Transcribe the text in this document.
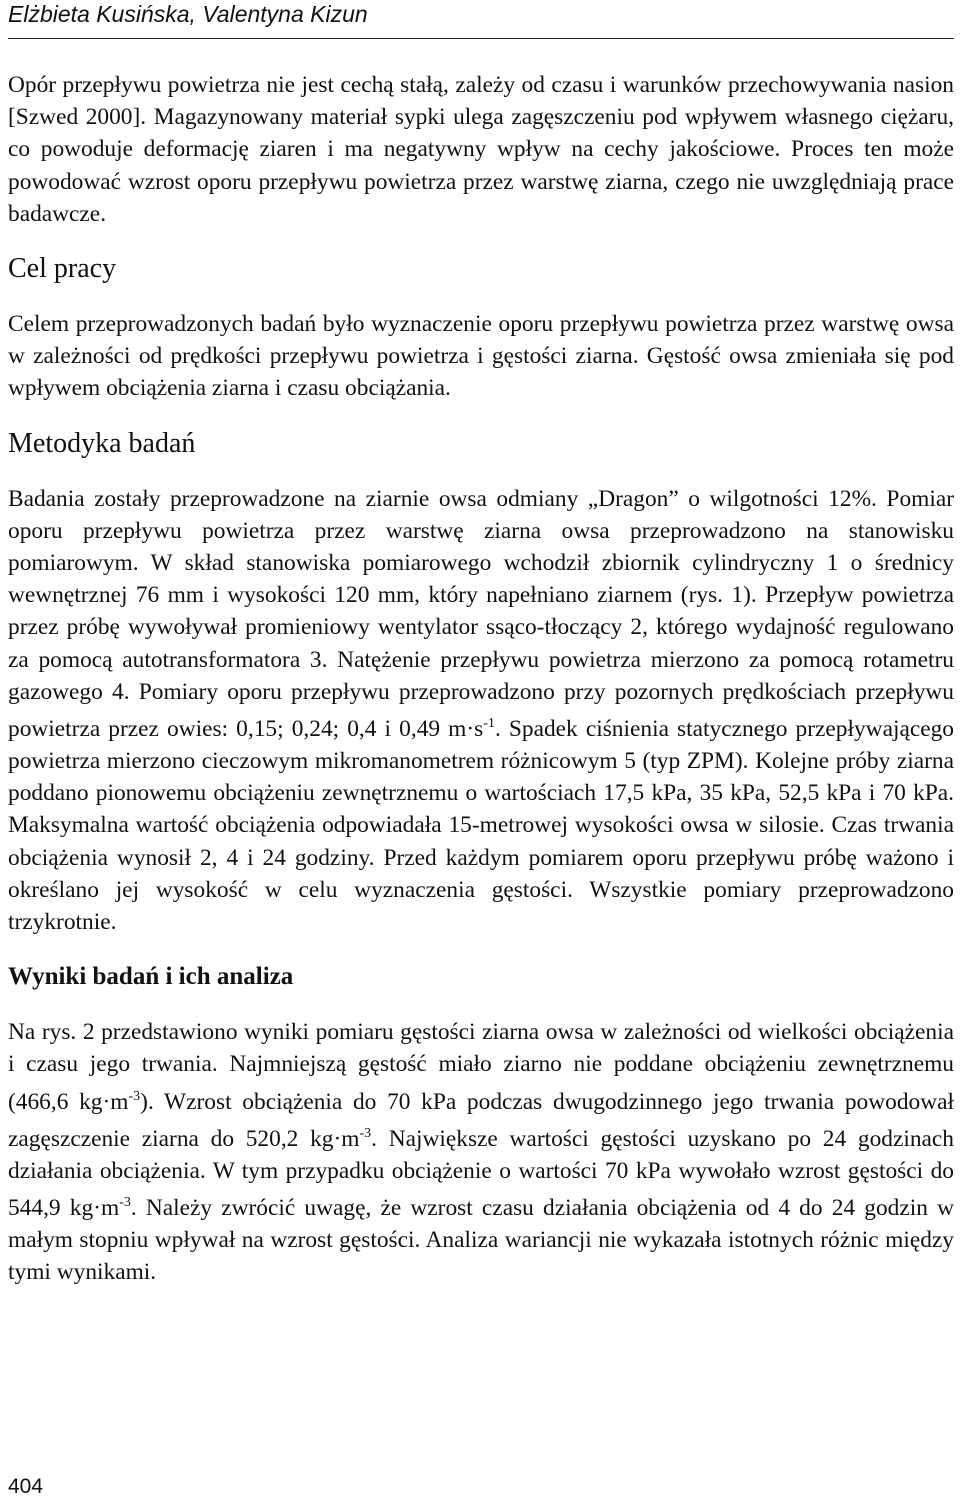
Elżbieta Kusińska, Valentyna Kizun

Opór przepływu powietrza nie jest cechą stałą, zależy od czasu i warunków przechowywania nasion [Szwed 2000]. Magazynowany materiał sypki ulega zagęszczeniu pod wpływem własnego ciężaru, co powoduje deformację ziaren i ma negatywny wpływ na cechy jakościowe. Proces ten może powodować wzrost oporu przepływu powietrza przez warstwę ziarna, czego nie uwzględniają prace badawcze.

Cel pracy

Celem przeprowadzonych badań było wyznaczenie oporu przepływu powietrza przez warstwę owsa w zależności od prędkości przepływu powietrza i gęstości ziarna. Gęstość owsa zmieniała się pod wpływem obciążenia ziarna i czasu obciążania.

Metodyka badań

Badania zostały przeprowadzone na ziarnie owsa odmiany „Dragon” o wilgotności 12%. Pomiar oporu przepływu powietrza przez warstwę ziarna owsa przeprowadzono na stanowisku pomiarowym. W skład stanowiska pomiarowego wchodził zbiornik cylindryczny 1 o średnicy wewnętrznej 76 mm i wysokości 120 mm, który napełniano ziarnem (rys. 1). Przepływ powietrza przez próbę wywoływał promieniowy wentylator ssąco-tłoczący 2, którego wydajność regulowano za pomocą autotransformatora 3. Natężenie przepływu powietrza mierzono za pomocą rotametru gazowego 4. Pomiary oporu przepływu przeprowadzono przy pozornych prędkościach przepływu powietrza przez owies: 0,15; 0,24; 0,4 i 0,49 $m\cdot s^{-1}$. Spadek ciśnienia statycznego przepływającego powietrza mierzono cieczowym mikromanometrem różnicowym 5 (typ ZPM). Kolejne próby ziarna poddano pionowemu obciążeniu zewnętrznemu o wartościach 17,5 kPa, 35 kPa, 52,5 kPa i 70 kPa. Maksymalna wartość obciążenia odpowiadała 15-metrowej wysokości owsa w silosie. Czas trwania obciążenia wynosił 2, 4 i 24 godziny. Przed każdym pomiarem oporu przepływu próbę ważono i określano jej wysokość w celu wyznaczenia gęstości. Wszystkie pomiary przeprowadzono trzykrotnie.

Wyniki badań i ich analiza

Na rys. 2 przedstawiono wyniki pomiaru gęstości ziarna owsa w zależności od wielkości obciążenia i czasu jego trwania. Najmniejszą gęstość miało ziarno nie poddane obciążeniu zewnętrznemu (466,6 $kg\cdot m^{-3}$). Wzrost obciążenia do 70 kPa podczas dwugodzinnego jego trwania powodował zagęszczenie ziarna do 520,2 $kg\cdot m^{-3}$. Największe wartości gęstości uzyskano po 24 godzinach działania obciążenia. W tym przypadku obciążenie o wartości 70 kPa wywołało wzrost gęstości do 544,9 $kg\cdot m^{-3}$. Należy zwrócić uwagę, że wzrost czasu działania obciążenia od 4 do 24 godzin w małym stopniu wpływał na wzrost gęstości. Analiza wariancji nie wykazała istotnych różnic między tymi wynikami.

404
